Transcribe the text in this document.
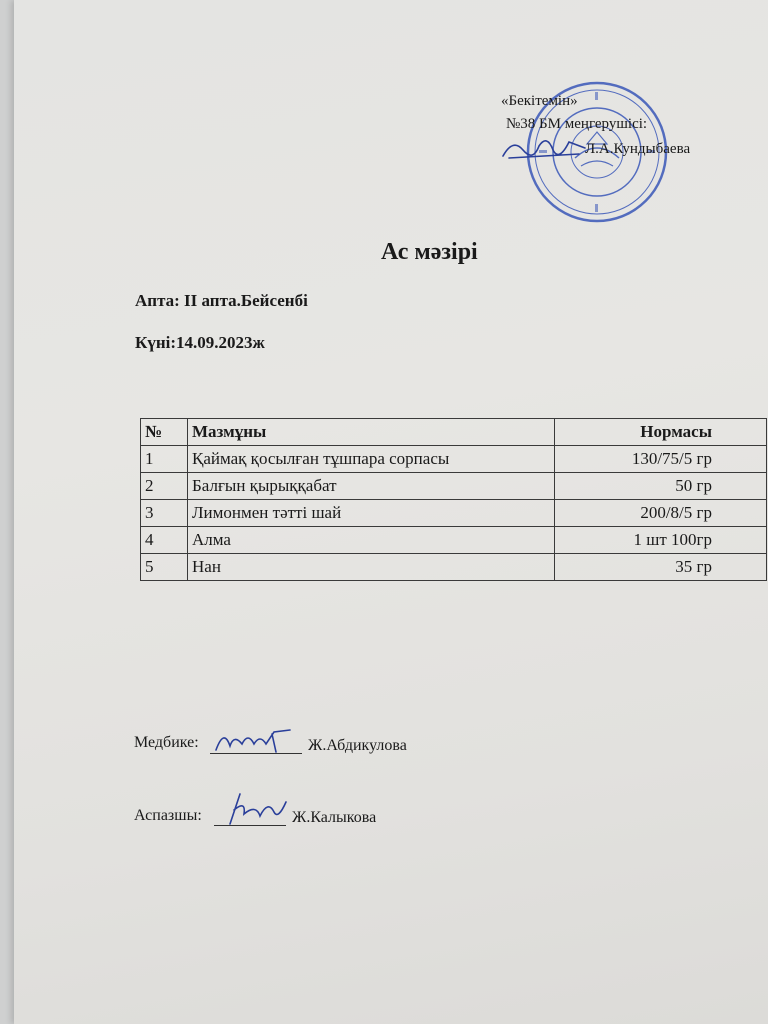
«Бекітемін»
№38 БМ меңгерушісі:
Л.А.Кундыбаева
Ас мәзірі
Апта: ІІ апта.Бейсенбі
Күні:14.09.2023ж
№	Мазмұны	Нормасы
1	Қаймақ қосылған тұшпара сорпасы	130/75/5 гр
2	Балғын қырыққабат	50 гр
3	Лимонмен тәтті шай	200/8/5 гр
4	Алма	1 шт 100гр
5	Нан	35 гр
Медбике:	Ж.Абдикулова
Аспазшы:	Ж.Калыкова
